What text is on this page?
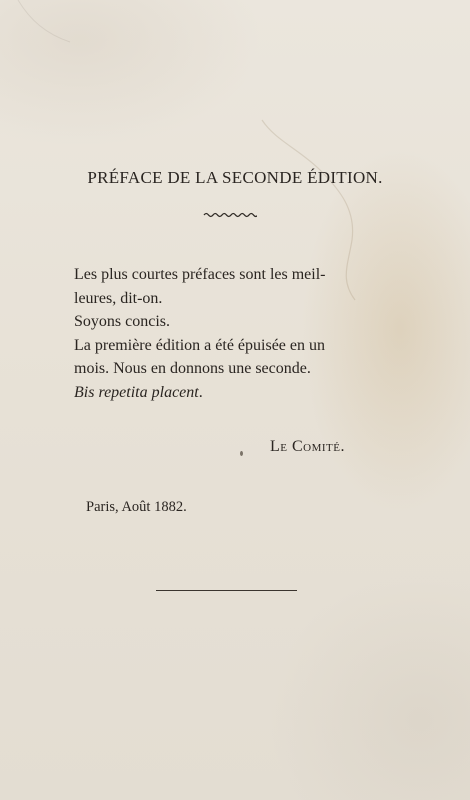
PRÉFACE DE LA SECONDE ÉDITION.

Les plus courtes préfaces sont les meil-

leures, dit-on.

Soyons concis.

La première édition a été épuisée en un

mois. Nous en donnons une seconde.

Bis repetita placent.

Le Comité.
Paris, Août 1882.
